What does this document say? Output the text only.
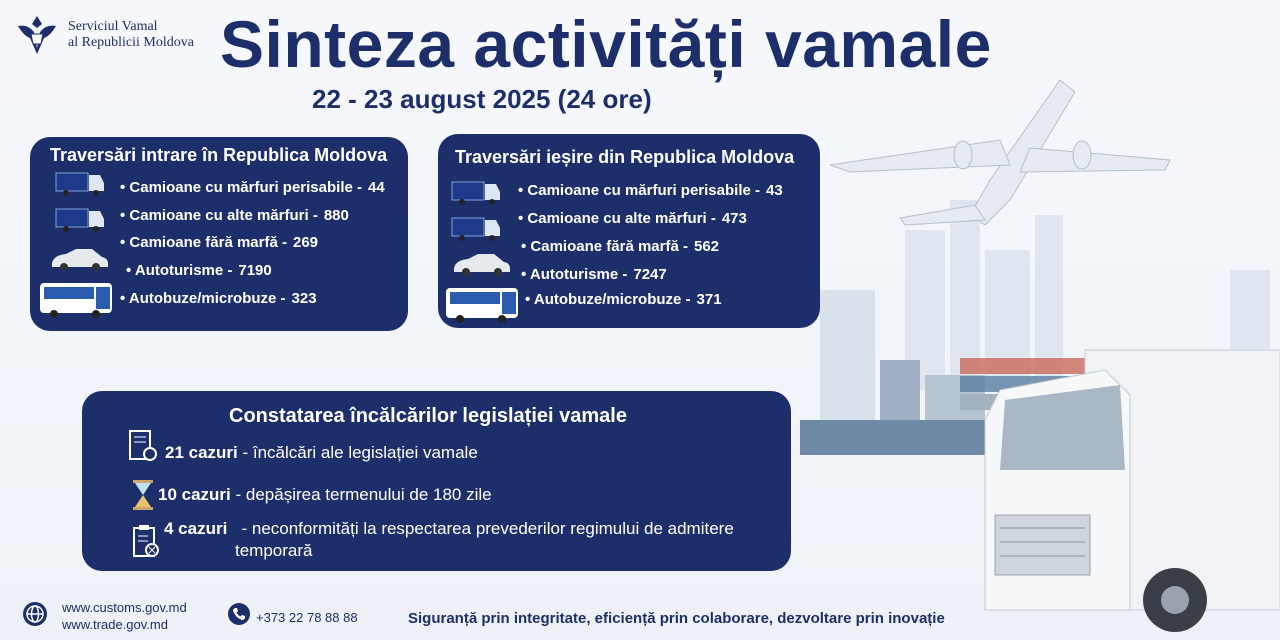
Serviciul Vamal
al Republicii Moldova Sinteza activități vamale
22 - 23 august 2025 (24 ore)
Traversări intrare în Republica Moldova
• Camioane cu mărfuri perisabile - 44
• Camioane cu alte mărfuri - 880
• Camioane fără marfă - 269
• Autoturisme - 7190
• Autobuze/microbuze - 323
Traversări ieșire din Republica Moldova
• Camioane cu mărfuri perisabile - 43
• Camioane cu alte mărfuri - 473
• Camioane fără marfă - 562
• Autoturisme - 7247
• Autobuze/microbuze - 371
Constatarea încălcărilor legislației vamale
21 cazuri - încălcări ale legislației vamale
10 cazuri - depășirea termenului de 180 zile
4 cazuri - neconformități la respectarea prevederilor regimului de admitere
temporară
www.customs.gov.md
www.trade.gov.md	+373 22 78 88 88	Siguranță prin integritate, eficiență prin colaborare, dezvoltare prin inovație
